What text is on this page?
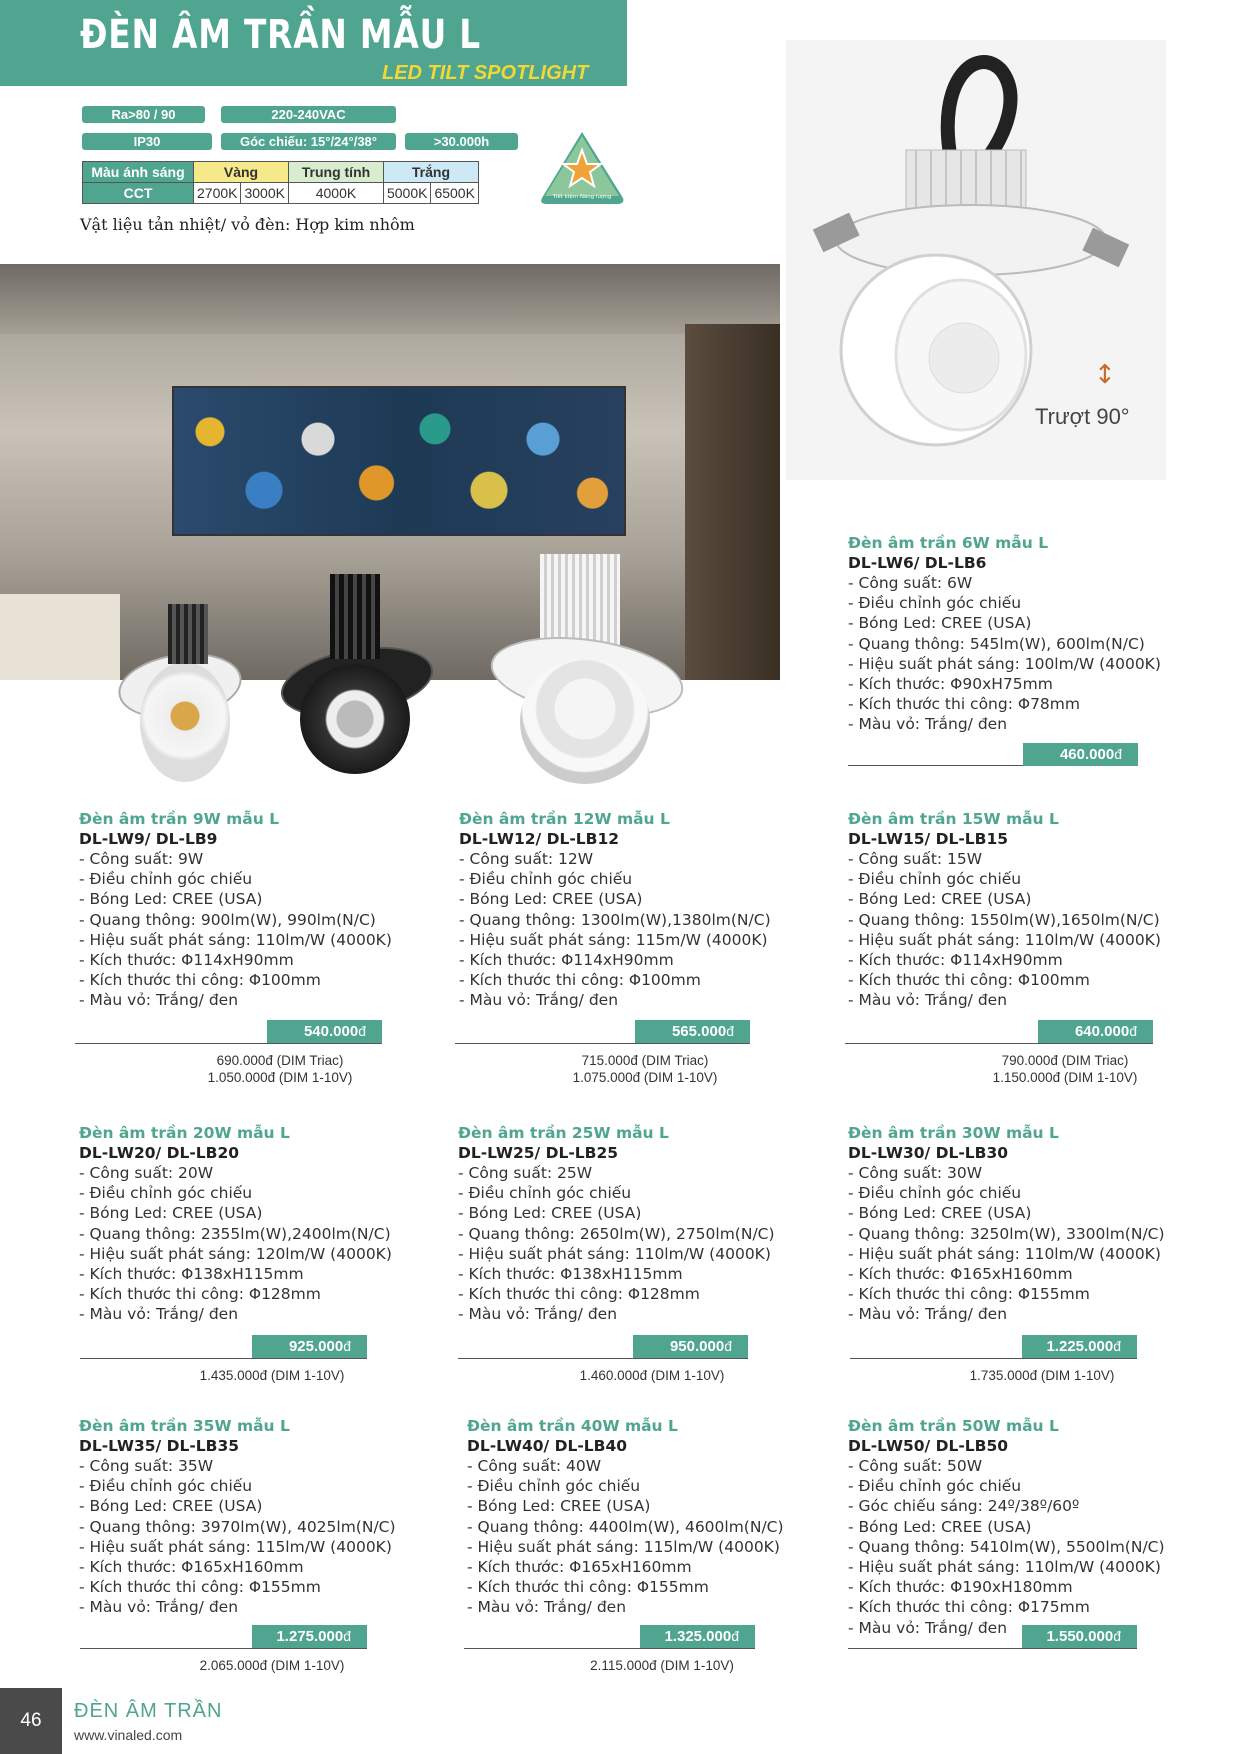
ĐÈN ÂM TRẦN MẪU L
LED TILT SPOTLIGHT
Ra>80 / 90	220-240VAC
IP30	Góc chiếu: 15°/24°/38°	>30.000h
Màu ánh sáng	Vàng		Trung tính	Trắng	
CCT	2700K	3000K	4000K	5000K	6500K
Vật liệu tản nhiệt/ vỏ đèn: Hợp kim nhôm
Tiết kiệm Năng lượng
↕
Trượt 90°
Đèn âm trần 6W mẫu L
DL-LW6/ DL-LB6
- Công suất: 6W
- Điều chỉnh góc chiếu
- Bóng Led: CREE (USA)
- Quang thông: 545lm(W), 600lm(N/C)
- Hiệu suất phát sáng: 100lm/W (4000K)
- Kích thước: Φ90xH75mm
- Kích thước thi công: Φ78mm
- Màu vỏ: Trắng/ đen
460.000đ
Đèn âm trần 9W mẫu L
DL-LW9/ DL-LB9
- Công suất: 9W
- Điều chỉnh góc chiếu
- Bóng Led: CREE (USA)
- Quang thông: 900lm(W), 990lm(N/C)
- Hiệu suất phát sáng: 110lm/W (4000K)
- Kích thước: Φ114xH90mm
- Kích thước thi công: Φ100mm
- Màu vỏ: Trắng/ đen
540.000đ
690.000đ (DIM Triac)
1.050.000đ (DIM 1-10V)
Đèn âm trần 12W mẫu L
DL-LW12/ DL-LB12
- Công suất: 12W
- Điều chỉnh góc chiếu
- Bóng Led: CREE (USA)
- Quang thông: 1300lm(W),1380lm(N/C)
- Hiệu suất phát sáng: 115m/W (4000K)
- Kích thước: Φ114xH90mm
- Kích thước thi công: Φ100mm
- Màu vỏ: Trắng/ đen
565.000đ
715.000đ (DIM Triac)
1.075.000đ (DIM 1-10V)
Đèn âm trần 15W mẫu L
DL-LW15/ DL-LB15
- Công suất: 15W
- Điều chỉnh góc chiếu
- Bóng Led: CREE (USA)
- Quang thông: 1550lm(W),1650lm(N/C)
- Hiệu suất phát sáng: 110lm/W (4000K)
- Kích thước: Φ114xH90mm
- Kích thước thi công: Φ100mm
- Màu vỏ: Trắng/ đen
640.000đ
790.000đ (DIM Triac)
1.150.000đ (DIM 1-10V)
Đèn âm trần 20W mẫu L
DL-LW20/ DL-LB20
- Công suất: 20W
- Điều chỉnh góc chiếu
- Bóng Led: CREE (USA)
- Quang thông: 2355lm(W),2400lm(N/C)
- Hiệu suất phát sáng: 120lm/W (4000K)
- Kích thước: Φ138xH115mm
- Kích thước thi công: Φ128mm
- Màu vỏ: Trắng/ đen
925.000đ
1.435.000đ (DIM 1-10V)
Đèn âm trần 25W mẫu L
DL-LW25/ DL-LB25
- Công suất: 25W
- Điều chỉnh góc chiếu
- Bóng Led: CREE (USA)
- Quang thông: 2650lm(W), 2750lm(N/C)
- Hiệu suất phát sáng: 110lm/W (4000K)
- Kích thước: Φ138xH115mm
- Kích thước thi công: Φ128mm
- Màu vỏ: Trắng/ đen
950.000đ
1.460.000đ (DIM 1-10V)
Đèn âm trần 30W mẫu L
DL-LW30/ DL-LB30
- Công suất: 30W
- Điều chỉnh góc chiếu
- Bóng Led: CREE (USA)
- Quang thông: 3250lm(W), 3300lm(N/C)
- Hiệu suất phát sáng: 110lm/W (4000K)
- Kích thước: Φ165xH160mm
- Kích thước thi công: Φ155mm
- Màu vỏ: Trắng/ đen
1.225.000đ
1.735.000đ (DIM 1-10V)
Đèn âm trần 35W mẫu L
DL-LW35/ DL-LB35
- Công suất: 35W
- Điều chỉnh góc chiếu
- Bóng Led: CREE (USA)
- Quang thông: 3970lm(W), 4025lm(N/C)
- Hiệu suất phát sáng: 115lm/W (4000K)
- Kích thước: Φ165xH160mm
- Kích thước thi công: Φ155mm
- Màu vỏ: Trắng/ đen
1.275.000đ
2.065.000đ (DIM 1-10V)
Đèn âm trần 40W mẫu L
DL-LW40/ DL-LB40
- Công suất: 40W
- Điều chỉnh góc chiếu
- Bóng Led: CREE (USA)
- Quang thông: 4400lm(W), 4600lm(N/C)
- Hiệu suất phát sáng: 115lm/W (4000K)
- Kích thước: Φ165xH160mm
- Kích thước thi công: Φ155mm
- Màu vỏ: Trắng/ đen
1.325.000đ
2.115.000đ (DIM 1-10V)
Đèn âm trần 50W mẫu L
DL-LW50/ DL-LB50
- Công suất: 50W
- Điều chỉnh góc chiếu
- Góc chiếu sáng: 24º/38º/60º
- Bóng Led: CREE (USA)
- Quang thông: 5410lm(W), 5500lm(N/C)
- Hiệu suất phát sáng: 110lm/W (4000K)
- Kích thước: Φ190xH180mm
- Kích thước thi công: Φ175mm
- Màu vỏ: Trắng/ đen	1.550.000đ
46	ĐÈN ÂM TRẦN
www.vinaled.com
